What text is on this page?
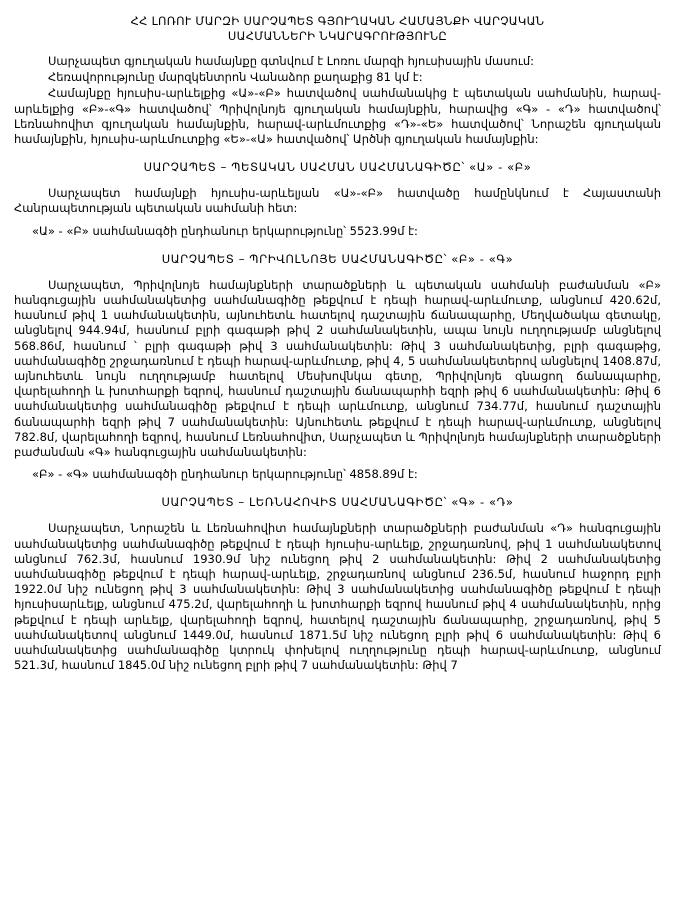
ՀՀ ԼՈՌՈՒ ՄԱՐԶԻ ՍԱՐՉԱՊԵՏ ԳՅՈՒՂԱԿԱՆ ՀԱՄԱՅՆՔԻ ՎԱՐՉԱԿԱՆ
ՍԱՀՄԱՆՆԵՐԻ ՆԿԱՐԱԳՐՈՒԹՅՈՒՆԸ

Սարչապետ գյուղական համայնքը գտնվում է Լոռու մարզի հյուսիսային մասում:

Հեռավորությունը մարզկենտրոն Վանաձոր քաղաքից 81 կմ է:

Համայնքը հյուսիս-արևելքից «Ա»-«Բ» հատվածով սահմանակից է պետական սահմանին, հարավ-արևելքից «Բ»-«Գ» հատվածով՝ Պրիվոլնոյե գյուղական համայնքին, հարավից «Գ» - «Դ» հատվածով՝ Լեռնահովիտ գյուղական համայնքին, հարավ-արևմուտքից «Դ»-«Ե» հատվածով՝ Նորաշեն գյուղական համայնքին, հյուսիս-արևմուտքից «Ե»-«Ա» հատվածով՝ Արծնի գյուղական համայնքին:

ՍԱՐՉԱՊԵՏ – ՊԵՏԱԿԱՆ ՍԱՀՄԱՆ ՍԱՀՄԱՆԱԳԻԾԸ՝ «Ա» - «Բ»

Սարչապետ համայնքի հյուսիս-արևելյան «Ա»-«Բ» հատվածը համընկնում է Հայաստանի Հանրապետության պետական սահմանի հետ:

«Ա» - «Բ» սահմանագծի ընդհանուր երկարությունը՝ 5523.99մ է:

ՍԱՐՉԱՊԵՏ – ՊՐԻՎՈԼՆՈՅԵ ՍԱՀՄԱՆԱԳԻԾԸ՝ «Բ» - «Գ»

Սարչապետ, Պրիվոլնոյե համայնքների տարածքների և պետական սահմանի բաժանման «Բ» հանգուցային սահմանակետից սահմանագիծը թեքվում է դեպի հարավ-արևմուտք, անցնում 420.62մ, հասնում թիվ 1 սահմանակետին, այնուհետև հատելով դաշտային ճանապարհը, Մեղվածակա գետակը, անցնելով 944.94մ, հասնում բլրի գագաթի թիվ 2 սահմանակետին, ապա նույն ուղղությամբ անցնելով 568.86մ, հասնում ՝ բլրի գագաթի թիվ 3 սահմանակետին: Թիվ 3 սահմանակետից, բլրի գագաթից, սահմանագիծը շրջադառնում է դեպի հարավ-արևմուտք, թիվ 4, 5 սահմանակետերով անցնելով 1408.87մ, այնուհետև նույն ուղղությամբ հատելով Մեսխովնկա գետը, Պրիվոլնոյե գնացող ճանապարհը, վարելահողի և խոտհարքի եզրով, հասնում դաշտային ճանապարհի եզրի թիվ 6 սահմանակետին: Թիվ 6 սահմանակետից սահմանագիծը թեքվում է դեպի արևմուտք, անցնում 734.77մ, հասնում դաշտային ճանապարհի եզրի թիվ 7 սահմանակետին: Այնուհետև թեքվում է դեպի հարավ-արևմուտք, անցնելով 782.8մ, վարելահողի եզրով, հասնում Լեռնահովիտ, Սարչապետ և Պրիվոլնոյե համայնքների տարածքների բաժանման «Գ» հանգուցային սահմանակետին:

«Բ» - «Գ» սահմանագծի ընդհանուր երկարությունը՝ 4858.89մ է:

ՍԱՐՉԱՊԵՏ – ԼԵՌՆԱՀՈՎԻՏ ՍԱՀՄԱՆԱԳԻԾԸ՝ «Գ» - «Դ»

Սարչապետ, Նորաշեն և Լեռնահովիտ համայնքների տարածքների բաժանման «Դ» հանգուցային սահմանակետից սահմանագիծը թեքվում է դեպի հյուսիս-արևելք, շրջադառնով, թիվ 1 սահմանակետով անցնում 762.3մ, հասնում 1930.9մ նիշ ունեցող թիվ 2 սահմանակետին: Թիվ 2 սահմանակետից սահմանագիծը թեքվում է դեպի հարավ-արևելք, շրջադառնով անցնում 236.5մ, հասնում հաջորդ բլրի 1922.0մ նիշ ունեցող թիվ 3 սահմանակետին: Թիվ 3 սահմանակետից սահմանագիծը թեքվում է դեպի հյուսիսարևելք, անցնում 475.2մ, վարելահողի և խոտհարքի եզրով հասնում թիվ 4 սահմանակետին, որից թեքվում է դեպի արևելք, վարելահողի եզրով, հատելով դաշտային ճանապարհը, շրջադառնով, թիվ 5 սահմանակետով անցնում 1449.0մ, հասնում 1871.5մ նիշ ունեցող բլրի թիվ 6 սահմանակետին: Թիվ 6 սահմանակետից սահմանագիծը կտրուկ փոխելով ուղղությունը դեպի հարավ-արևմուտք, անցնում 521.3մ, հասնում 1845.0մ նիշ ունեցող բլրի թիվ 7 սահմանակետին: Թիվ 7
